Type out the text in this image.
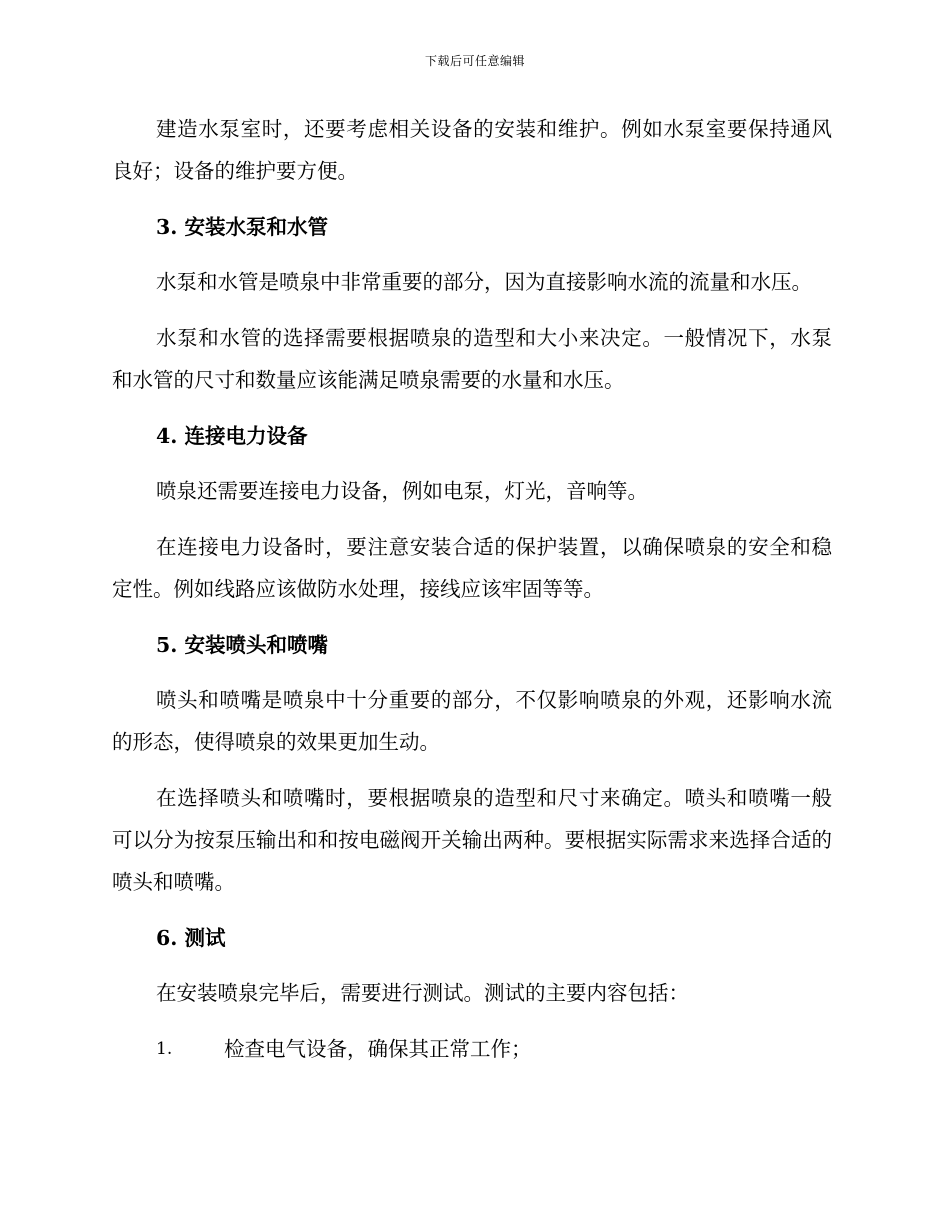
下载后可任意编辑

建造水泵室时，还要考虑相关设备的安装和维护。例如水泵室要保持通风良好；设备的维护要方便。

3. 安装水泵和水管

水泵和水管是喷泉中非常重要的部分，因为直接影响水流的流量和水压。

水泵和水管的选择需要根据喷泉的造型和大小来决定。一般情况下，水泵和水管的尺寸和数量应该能满足喷泉需要的水量和水压。

4. 连接电力设备

喷泉还需要连接电力设备，例如电泵，灯光，音响等。

在连接电力设备时，要注意安装合适的保护装置，以确保喷泉的安全和稳定性。例如线路应该做防水处理，接线应该牢固等等。

5. 安装喷头和喷嘴

喷头和喷嘴是喷泉中十分重要的部分，不仅影响喷泉的外观，还影响水流的形态，使得喷泉的效果更加生动。

在选择喷头和喷嘴时，要根据喷泉的造型和尺寸来确定。喷头和喷嘴一般可以分为按泵压输出和和按电磁阀开关输出两种。要根据实际需求来选择合适的喷头和喷嘴。

6. 测试

在安装喷泉完毕后，需要进行测试。测试的主要内容包括：

1.	检查电气设备，确保其正常工作；
